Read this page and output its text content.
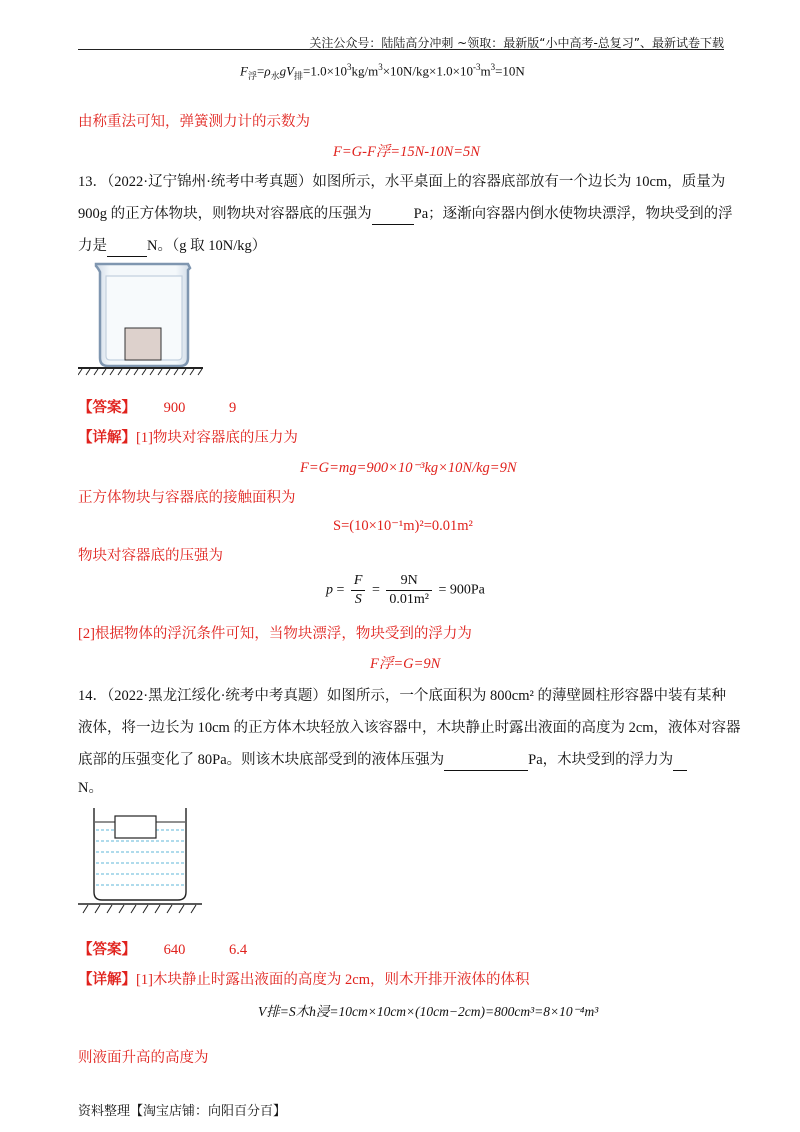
关注公众号：陆陆高分冲刺 ~领取：最新版“小中高考-总复习”、最新试卷下载
$F_浮=\rho_水gV_排=1.0\times 10^3kg/m^3\times 10N/kg\times 1.0\times 10^{-3}m^3=10N$
由称重法可知，弹簧测力计的示数为
F=G-F浮=15N-10N=5N
13．（2022·辽宁锦州·统考中考真题）如图所示，水平桌面上的容器底部放有一个边长为 10cm，质量为
900g 的正方体物块，则物块对容器底的压强为	Pa；逐渐向容器内倒水使物块漂浮，物块受到的浮
力是	N。（g 取 10N/kg）
【答案】 900	9
【详解】[1]物块对容器底的压力为
F=G=mg=900×10⁻³kg×10N/kg=9N
正方体物块与容器底的接触面积为
S=(10×10⁻¹m)²=0.01m²
物块对容器底的压强为
$p = \frac{F}{S} = \frac{9N}{\text{0.01m²}} = 900Pa$
[2]根据物体的浮沉条件可知，当物块漂浮，物块受到的浮力为
F浮=G=9N
14．（2022·黑龙江绥化·统考中考真题）如图所示，一个底面积为 800cm² 的薄壁圆柱形容器中装有某种
液体，将一边长为 10cm 的正方体木块轻放入该容器中，木块静止时露出液面的高度为 2cm，液体对容器
底部的压强变化了 80Pa。则该木块底部受到的液体压强为	Pa，木块受到的浮力为
N。
【答案】 640	6.4
【详解】[1]木块静止时露出液面的高度为 2cm，则木开排开液体的体积
V排=S木h浸=10cm×10cm×(10cm−2cm)=800cm³=8×10⁻⁴m³
则液面升高的高度为
资料整理【淘宝店铺：向阳百分百】
